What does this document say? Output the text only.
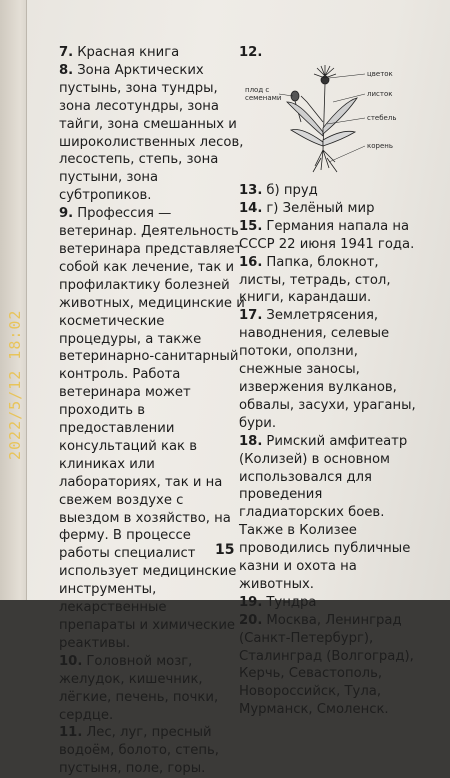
7. Красная книга
8. Зона Арктических пустынь, зона тундры, зона лесотундры, зона тайги, зона смешанных и широколиственных лесов, лесостепь, степь, зона пустыни, зона субтропиков.
9. Профессия — ветеринар. Деятельность ветеринара представляет собой как лечение, так и профилактику болезней животных, медицинские и косметические процедуры, а также ветеринарно-санитарный контроль. Работа ветеринара может проходить в предоставлении консультаций как в клиниках или лабораториях, так и на свежем воздухе с выездом в хозяйство, на ферму. В процессе работы специалист использует медицинские инструменты, лекарственные препараты и химические реактивы.
10. Головной мозг, желудок, кишечник, лёгкие, печень, почки, сердце.
11. Лес, луг, пресный водоём, болото, степь, пустыня, поле, горы.
12.
цветок
плод с семенами	листок
стебель
корень
13. б) пруд
14. г) Зелёный мир
15. Германия напала на СССР 22 июня 1941 года.
16. Папка, блокнот, листы, тетрадь, стол, книги, карандаши.
17. Землетрясения, наводнения, селевые потоки, оползни, снежные заносы, извержения вулканов, обвалы, засухи, ураганы, бури.
18. Римский амфитеатр (Колизей) в основном использовался для проведения гладиаторских боев. Также в Колизее проводились публичные казни и охота на животных.
19. Тундра
20. Москва, Ленинград (Санкт-Петербург), Сталинград (Волгоград), Керчь, Севастополь, Новороссийск, Тула, Мурманск, Смоленск.
15
2022/5/12 18:02
